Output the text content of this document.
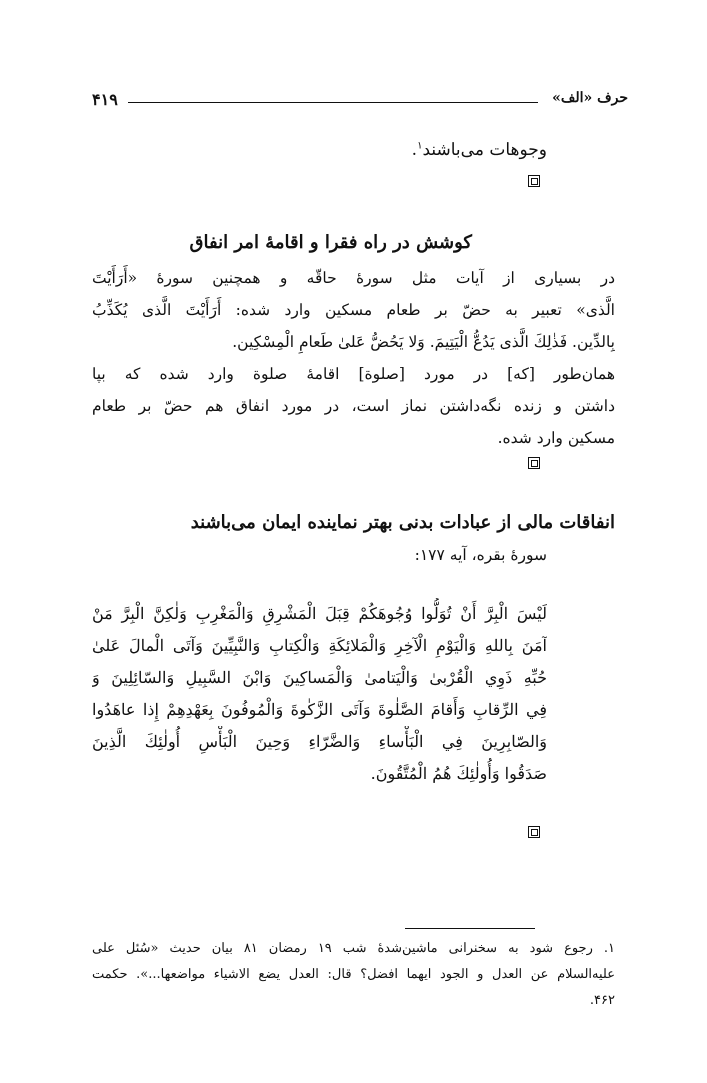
حرف «الف»
۴۱۹
وجوهات می‌باشند$^۱$.
کوشش در راه فقرا و اقامهٔ امر انفاق
در بسیاری از آیات مثل سورهٔ حاقّه و همچنین سورهٔ «أَرَأَيْتَ
الَّذی» تعبیر به حضّ بر طعام مسکین وارد شده: أَرَأَيْتَ الَّذى يُكَذِّبُ
بِالدِّين. فَذٰلِكَ الَّذی يَدُعُّ الْيَتِيمَ. وَلا يَحُضُّ عَلىٰ طَعامِ الْمِسْكِين.
همان‌طور [که] در مورد [صلوة] اقامهٔ صلوة وارد شده که بپا
داشتن و زنده نگه‌داشتن نماز است، در مورد انفاق هم حضّ بر طعام
مسکین وارد شده.
انفاقات مالی از عبادات بدنی بهتر نماینده ایمان می‌باشند
سورهٔ بقره، آیه ۱۷۷:
لَيْسَ الْبِرَّ أَنْ تُوَلُّوا وُجُوهَكُمْ قِبَلَ الْمَشْرِقِ وَالْمَغْرِبِ وَلٰكِنَّ الْبِرَّ مَنْ
آمَنَ بِاللهِ وَالْيَوْمِ الْآخِرِ وَالْمَلائِكَةِ وَالْكِتابِ وَالنَّبِيِّينَ وَآتَى الْمالَ عَلىٰ
حُبِّهِ ذَوِي الْقُرْبىٰ وَالْيَتامىٰ وَالْمَساكِينَ وَابْنَ السَّبِيلِ وَالسّائِلِينَ وَ
فِي الرِّقابِ وَأَقامَ الصَّلٰوةَ وَآتَى الزَّكٰوةَ وَالْمُوفُونَ بِعَهْدِهِمْ إِذا عاهَدُوا
وَالصّابِرِينَ فِي الْبَأْساءِ وَالضَّرّاءِ وَحِينَ الْبَأْسِ أُولٰئِكَ الَّذِينَ
صَدَقُوا وَأُولٰئِكَ هُمُ الْمُتَّقُونَ.
۱. رجوع شود به سخنرانی ماشین‌شدهٔ شب ۱۹ رمضان ۸۱ بیان حدیث «سُئل علی
علیه‌السلام عن العدل و الجود ایهما افضل؟ قال: العدل يضع الاشياء مواضعها...». حکمت
۴۶۲.
